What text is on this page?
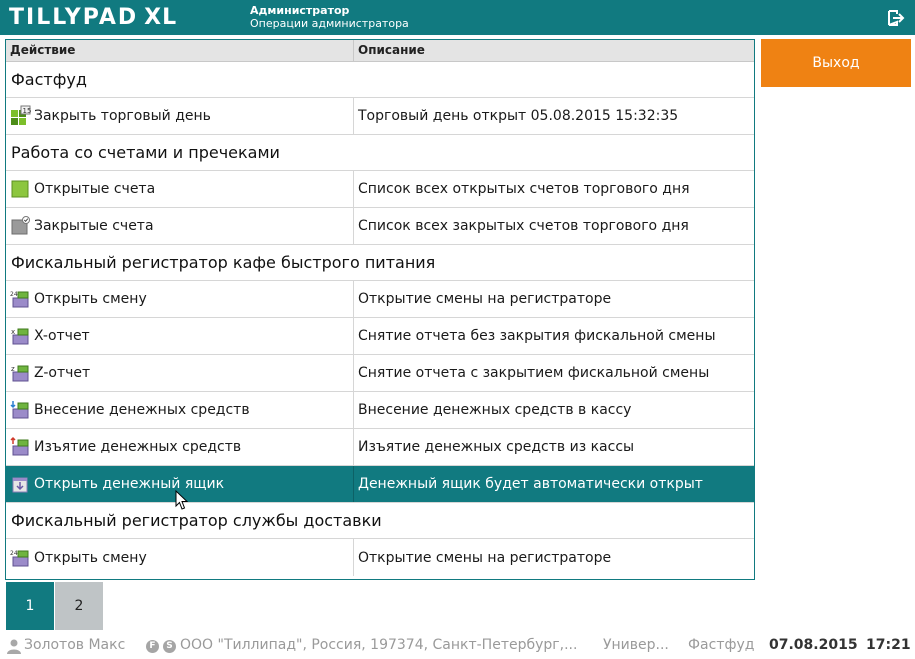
TILLYPAD XL	Администратор
Операции администратора
Действие	Описание
Фастфуд
15 Закрыть торговый день	Торговый день открыт 05.08.2015 15:32:35
Работа со счетами и пречеками
Открытые счета	Список всех открытых счетов торгового дня
Закрытые счета	Список всех закрытых счетов торгового дня
Фискальный регистратор кафе быстрого питания
24 Открыть смену	Открытие смены на регистраторе
x X-отчет	Снятие отчета без закрытия фискальной смены
z Z-отчет	Снятие отчета с закрытием фискальной смены
Внесение денежных средств	Внесение денежных средств в кассу
Изъятие денежных средств	Изъятие денежных средств из кассы
Открыть денежный ящик	Денежный ящик будет автоматически открыт
Фискальный регистратор службы доставки
24 Открыть смену	Открытие смены на регистраторе
Выход
1	2
Золотов Макс	F	S ООО "Тиллипад", Россия, 197374, Санкт-Петербург,... Универ... Фастфуд 07.08.2015 17:21
